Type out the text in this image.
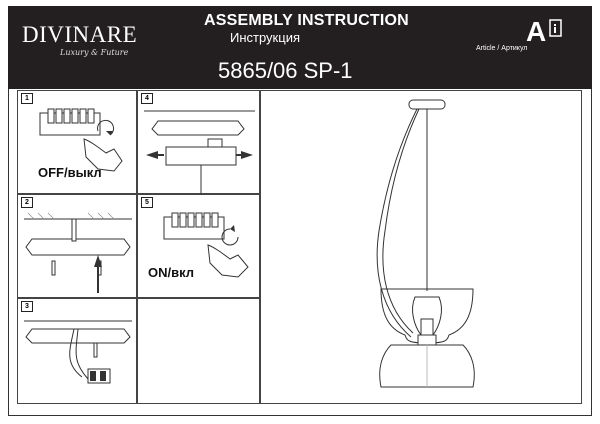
DIVINARE
Luxury & Future
ASSEMBLY INSTRUCTION
Инструкция
5865/06 SP-1
A
Article / Артикул
1
OFF/выкл
2
3
4
5
ON/вкл
